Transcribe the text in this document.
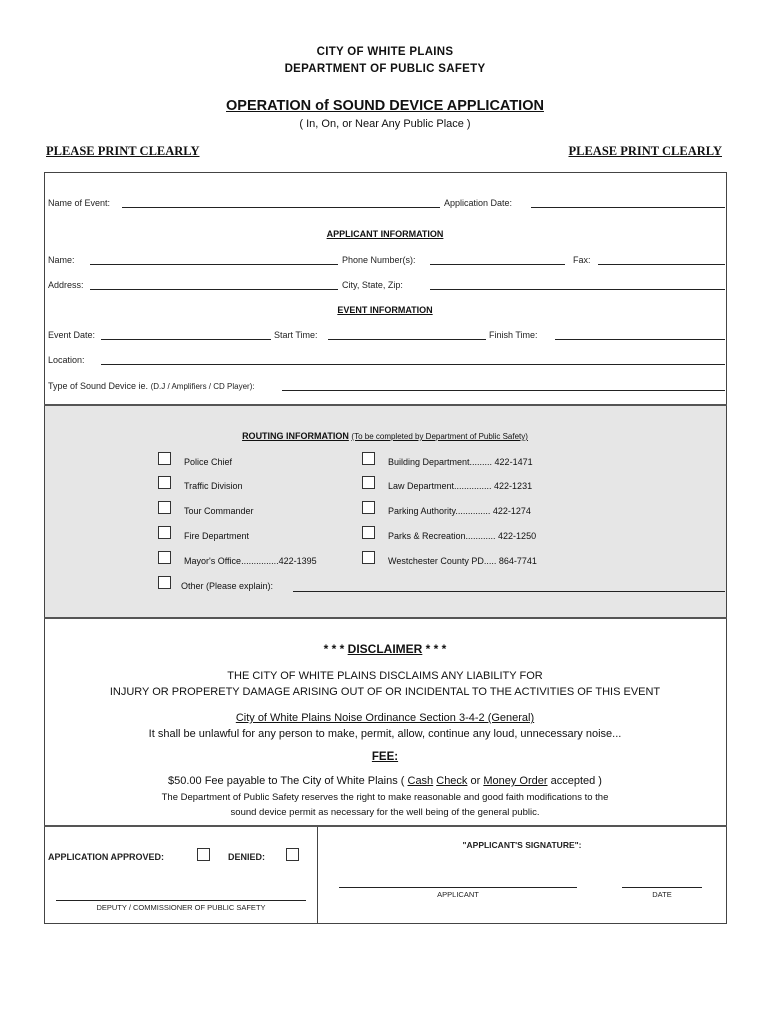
CITY OF WHITE PLAINS
DEPARTMENT OF PUBLIC SAFETY
OPERATION of SOUND DEVICE APPLICATION
( In, On, or Near Any Public Place )
PLEASE PRINT CLEARLY	PLEASE PRINT CLEARLY
Name of Event:	Application Date:
APPLICANT INFORMATION
Name:	Phone Number(s):	Fax:
Address:	City, State, Zip:
EVENT INFORMATION
Event Date:	Start Time:	Finish Time:
Location:
Type of Sound Device ie. (D.J / Amplifiers / CD Player):
ROUTING INFORMATION (To be completed by Department of Public Safety)
Police Chief
Traffic Division
Tour Commander
Fire Department
Mayor's Office...............422-1395
Building Department......... 422-1471
Law Department............... 422-1231
Parking Authority.............. 422-1274
Parks & Recreation............ 422-1250
Westchester County PD..... 864-7741
Other (Please explain):
* * * DISCLAIMER * * *
THE CITY OF WHITE PLAINS DISCLAIMS ANY LIABILITY FOR
INJURY OR PROPERETY DAMAGE ARISING OUT OF OR INCIDENTAL TO THE ACTIVITIES OF THIS EVENT
City of White Plains Noise Ordinance Section 3-4-2 (General)
It shall be unlawful for any person to make, permit, allow, continue any loud, unnecessary noise...
FEE:
$50.00 Fee payable to The City of White Plains ( Cash Check or Money Order accepted )
The Department of Public Safety reserves the right to make reasonable and good faith modifications to the
sound device permit as necessary for the well being of the general public.
APPLICATION APPROVED:	DENIED:
DEPUTY / COMMISSIONER OF PUBLIC SAFETY
"APPLICANT'S SIGNATURE":
APPLICANT	DATE
